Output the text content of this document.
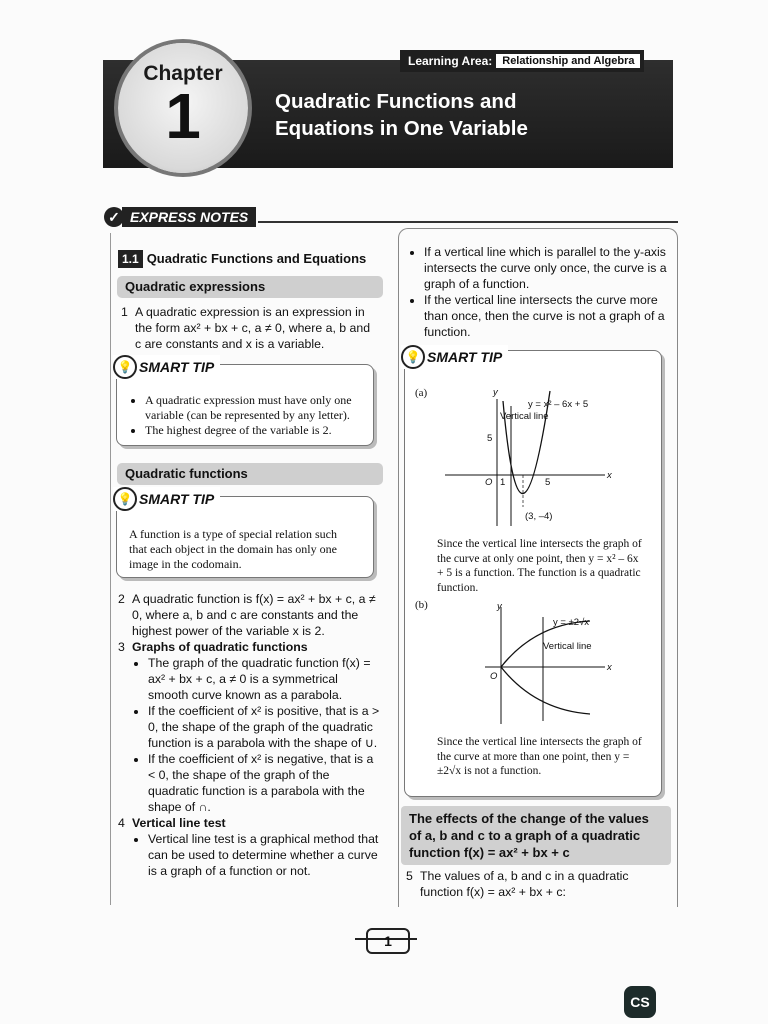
Learning Area: Relationship and Algebra
Chapter
1	Quadratic Functions and
Equations in One Variable
✓ EXPRESS NOTES
1.1 Quadratic Functions and Equations
Quadratic expressions
1 A quadratic expression is an expression in the form ax² + bx + c, a ≠ 0, where a, b and c are constants and x is a variable.
💡 SMART TIP
• A quadratic expression must have only one variable (can be represented by any letter).
• The highest degree of the variable is 2.
Quadratic functions
💡 SMART TIP
A function is a type of special relation such that each object in the domain has only one image in the codomain.
2 A quadratic function is f(x) = ax² + bx + c, a ≠ 0, where a, b and c are constants and the highest power of the variable x is 2.
3 Graphs of quadratic functions
• The graph of the quadratic function f(x) = ax² + bx + c, a ≠ 0 is a symmetrical smooth curve known as a parabola.
• If the coefficient of x² is positive, that is a > 0, the shape of the graph of the quadratic function is a parabola with the shape of ∪.
• If the coefficient of x² is negative, that is a < 0, the shape of the graph of the quadratic function is a parabola with the shape of ∩.
4 Vertical line test
• Vertical line test is a graphical method that can be used to determine whether a curve is a graph of a function or not.
• If a vertical line which is parallel to the y-axis intersects the curve only once, the curve is a graph of a function.
• If the vertical line intersects the curve more than once, then the curve is not a graph of a function.
💡 SMART TIP
(a)
y = x² – 6x + 5
Vertical line
y
x
O
5
1	5
(3, –4)
Since the vertical line intersects the graph of the curve at only one point, then y = x² – 6x + 5 is a function. The function is a quadratic function.
(b)
y = ±2√x
Vertical line
y
x
O
Since the vertical line intersects the graph of the curve at more than one point, then y = ±2√x is not a function.
The effects of the change of the values of a, b and c to a graph of a quadratic function f(x) = ax² + bx + c
5 The values of a, b and c in a quadratic function f(x) = ax² + bx + c:
1
CS
